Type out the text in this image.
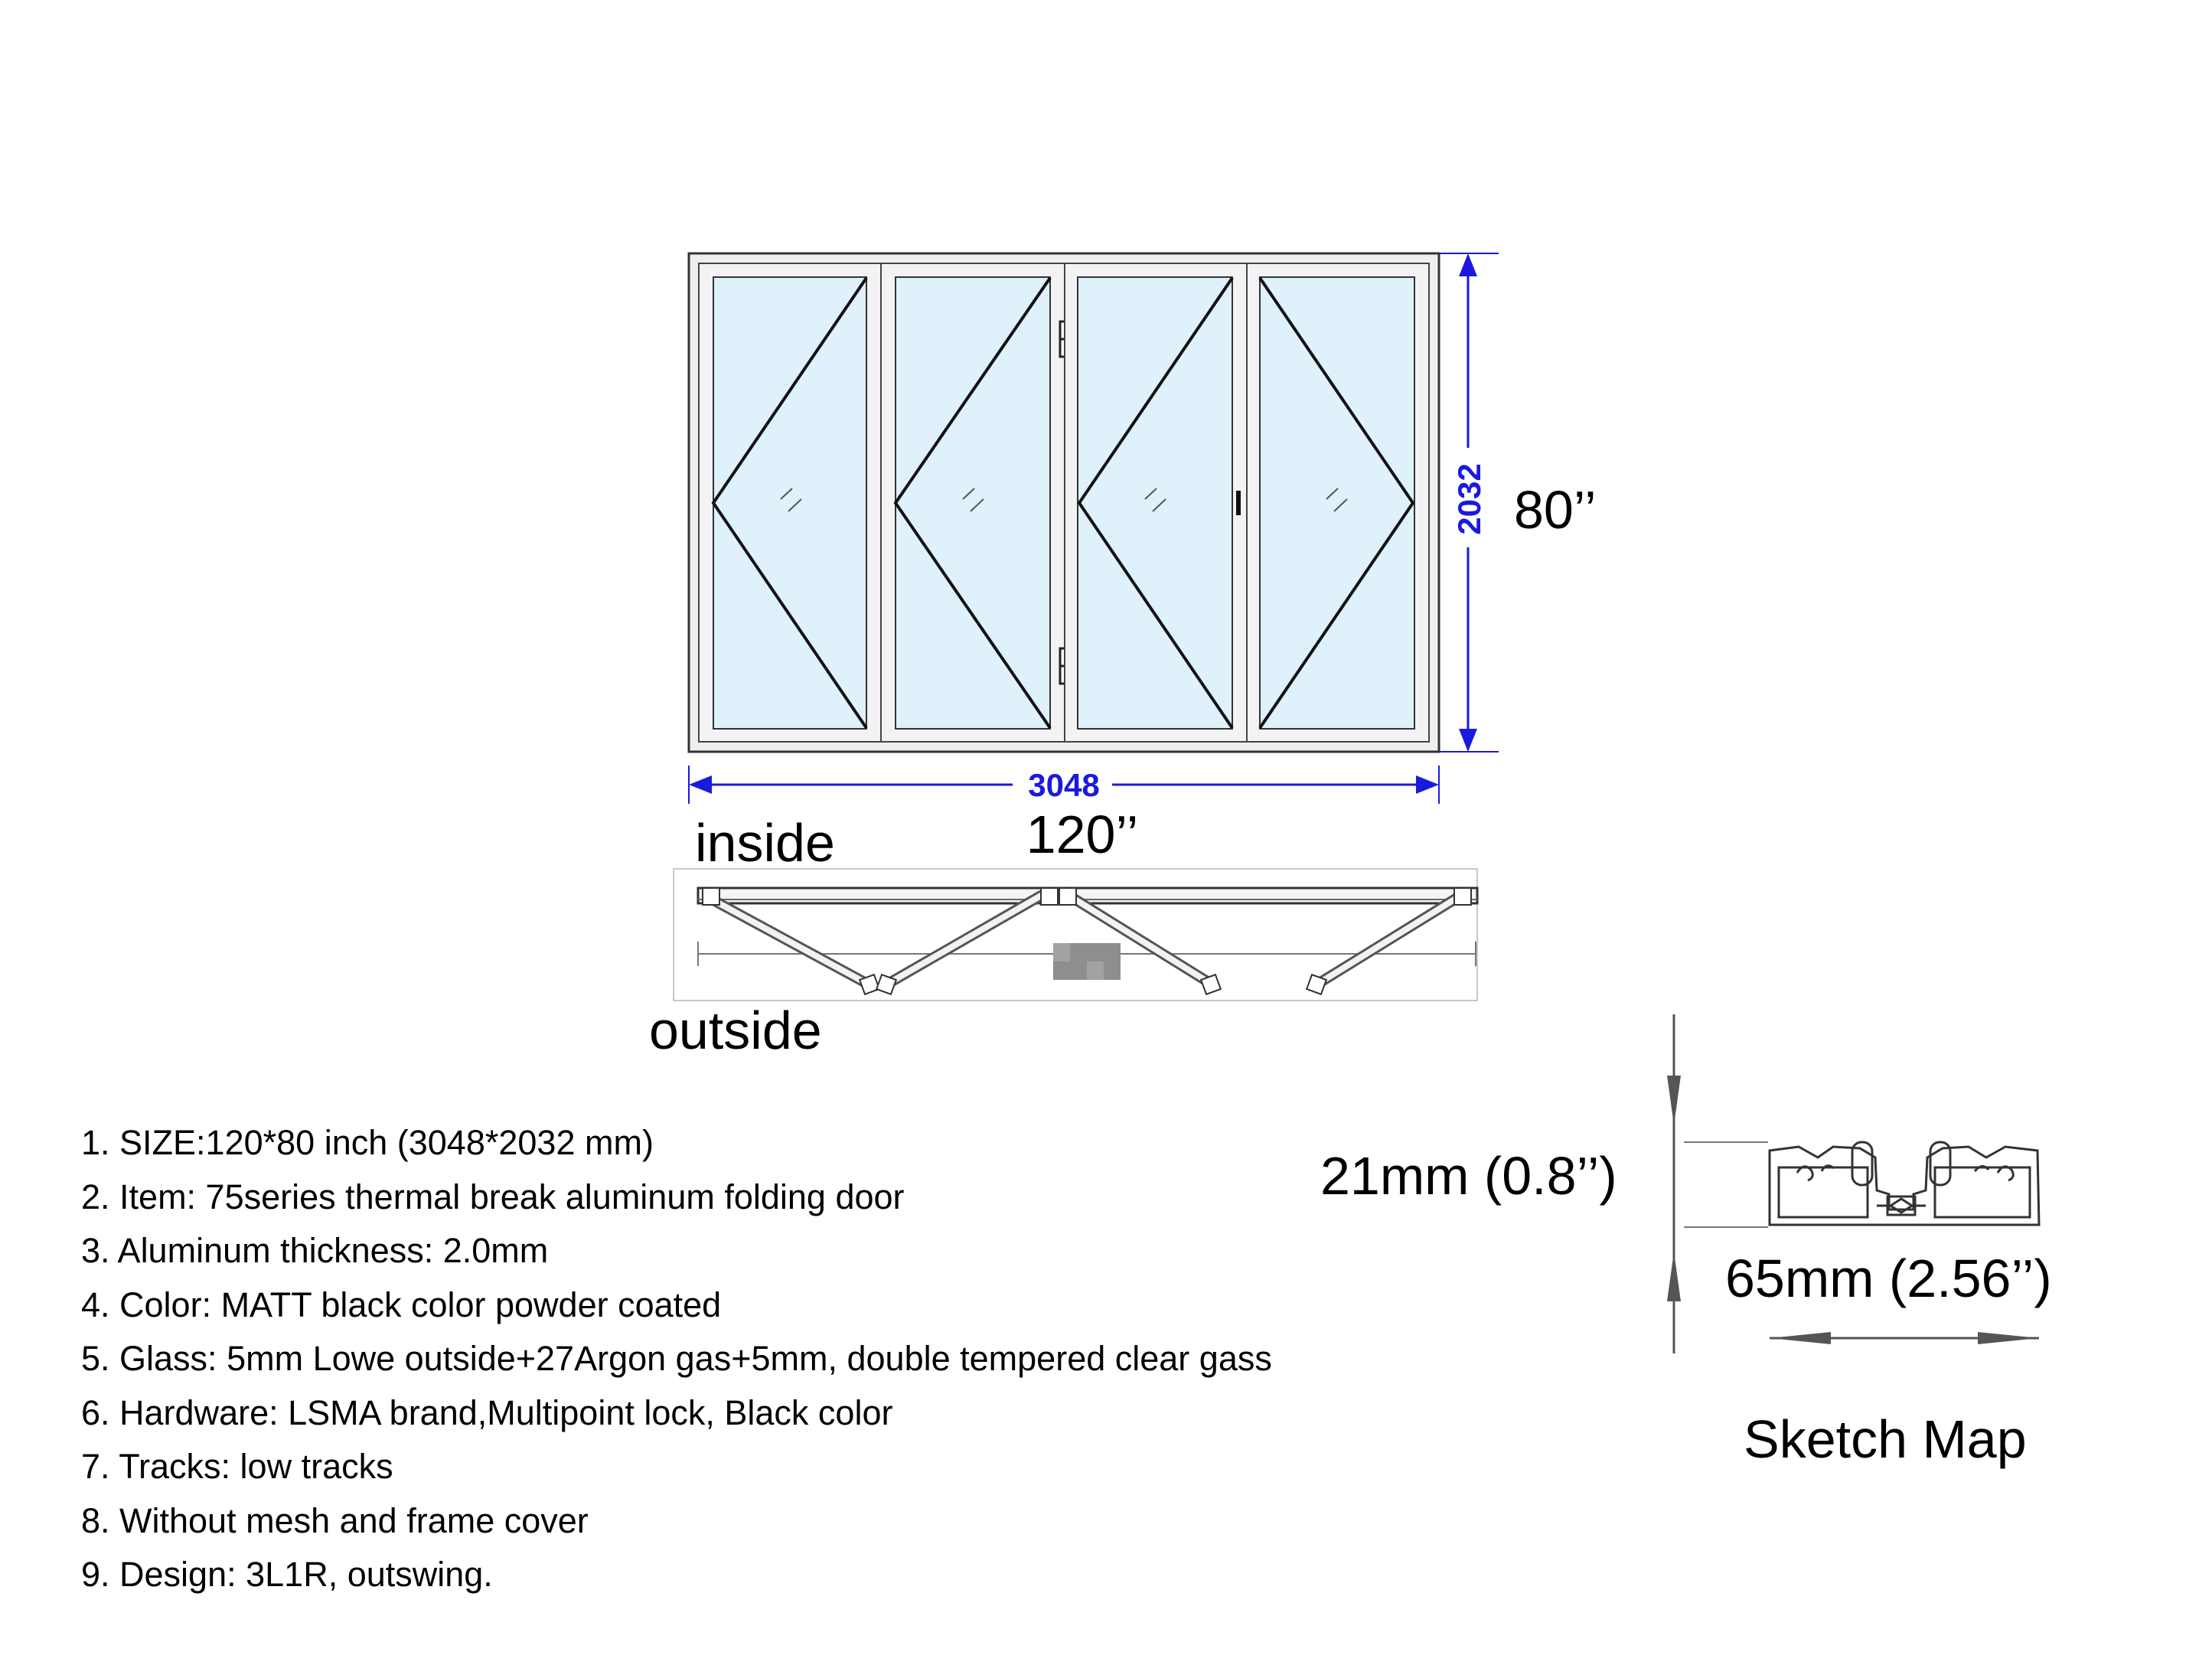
2032 80’’
3048
120’’
inside
outside
21mm (0.8’’)
65mm (2.56’’)
Sketch Map
1. SIZE:120*80 inch (3048*2032 mm)
2. Item: 75series thermal break aluminum folding door
3. Aluminum thickness: 2.0mm
4. Color: MATT black color powder coated
5. Glass: 5mm Lowe outside+27Argon gas+5mm, double tempered clear gass
6. Hardware: LSMA brand,Multipoint lock, Black color
7. Tracks: low tracks
8. Without mesh and frame cover
9. Design: 3L1R, outswing.
